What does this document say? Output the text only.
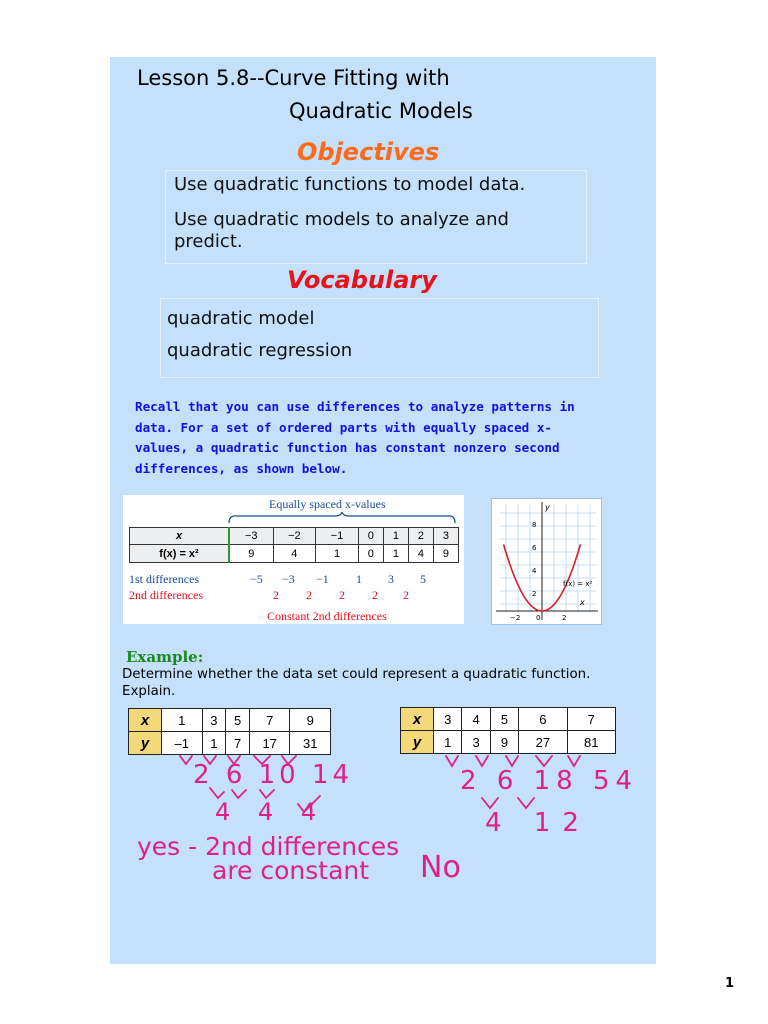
Lesson 5.8--Curve Fitting with
Quadratic Models
Objectives
Use quadratic functions to model data.
Use quadratic models to analyze and
predict.
Vocabulary
quadratic model
quadratic regression
Recall that you can use differences to analyze patterns in
data. For a set of ordered parts with equally spaced x-
values, a quadratic function has constant nonzero second
differences, as shown below.
Equally spaced x-values
x	−3	−2	−1	0	1	2	3
f(x) = x²	9	4	1	0	1	4	9
1st differences
2nd differences
−5 −3 −1 1 3 5
2 2 2 2 2
Constant 2nd differences
y
x
f(x) = x²
8
6
4
2
−2 0	2
Example:
Determine whether the data set could represent a quadratic function. Explain.
x	1	3	5	7	9
y	–1	1	7	17	31
x	3	4	5	6	7
y	1	3	9	27	81
2 6 10 14
4 4 4
yes - 2nd differences
are constant
2 6 18 54
4 12
No
1
